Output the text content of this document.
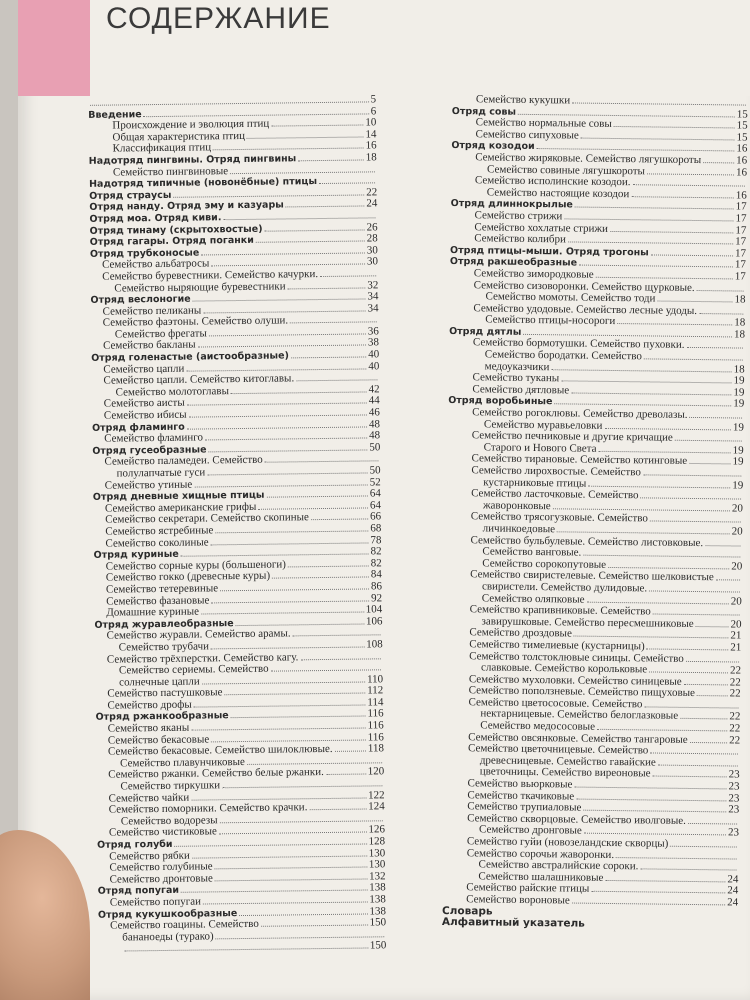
СОДЕРЖАНИЕ
5
Введение	6
Происхождение и эволюция птиц	10
Общая характеристика птиц	14
Классификация птиц	16
Надотряд пингвины. Отряд пингвины	18
Семейство пингвиновые
Надотряд типичные (новонёбные) птицы
Отряд страусы	22
Отряд нанду. Отряд эму и казуары	24
Отряд моа. Отряд киви.
Отряд тинаму (скрытохвостые)	26
Отряд гагары. Отряд поганки	28
Отряд трубконосые	30
Семейство альбатросы	30
Семейство буревестники. Семейство качурки.
Семейство ныряющие буревестники	32
Отряд веслоногие	34
Семейство пеликаны	34
Семейство фаэтоны. Семейство олуши.
Семейство фрегаты	36
Семейство бакланы	38
Отряд голенастые (аистообразные)	40
Семейство цапли	40
Семейство цапли. Семейство китоглавы.
Семейство молотоглавы	42
Семейство аисты	44
Семейство ибисы	46
Отряд фламинго	48
Семейство фламинго	48
Отряд гусеобразные	50
Семейство паламедеи. Семейство
полулапчатые гуси	50
Семейство утиные	52
Отряд дневные хищные птицы	64
Семейство американские грифы	64
Семейство секретари. Семейство скопиные	66
Семейство ястребиные	68
Семейство соколиные	78
Отряд куриные	82
Семейство сорные куры (большеноги)	82
Семейство гокко (древесные куры)	84
Семейство тетеревиные	86
Семейство фазановые	92
Домашние куриные	104
Отряд журавлеобразные	106
Семейство журавли. Семейство арамы.
Семейство трубачи	108
Семейство трёхперстки. Семейство кагу.
Семейство сериемы. Семейство
солнечные цапли	110
Семейство пастушковые	112
Семейство дрофы	114
Отряд ржанкообразные	116
Семейство яканы	116
Семейство бекасовые	116
Семейство бекасовые. Семейство шилоклювые.	118
Семейство плавунчиковые
Семейство ржанки. Семейство белые ржанки.	120
Семейство тиркушки
Семейство чайки	122
Семейство поморники. Семейство крачки.	124
Семейство водорезы
Семейство чистиковые	126
Отряд голуби	128
Семейство рябки	130
Семейство голубиные	130
Семейство дронтовые	132
Отряд попугаи	138
Семейство попугаи	138
Отряд кукушкообразные	138
Семейство гоацины. Семейство	150
бананоеды (турако)
150
Семейство кукушки
Отряд совы	15
Семейство нормальные совы	15
Семейство сипуховые	15
Отряд козодои	16
Семейство жиряковые. Семейство лягушкороты	16
Семейство совиные лягушкороты	16
Семейство исполинские козодои.
Семейство настоящие козодои	16
Отряд длиннокрылые	17
Семейство стрижи	17
Семейство хохлатые стрижи	17
Семейство колибри	17
Отряд птицы-мыши. Отряд трогоны	17
Отряд ракшеобразные	17
Семейство зимородковые	17
Семейство сизоворонки. Семейство щурковые.
Семейство момоты. Семейство тоди	18
Семейство удодовые. Семейство лесные удоды.
Семейство птицы-носороги	18
Отряд дятлы	18
Семейство бормотушки. Семейство пуховки.
Семейство бородатки. Семейство
медоуказчики	18
Семейство туканы	19
Семейство дятловые	19
Отряд воробьиные	19
Семейство рогоклювы. Семейство древолазы.
Семейство муравьеловки	19
Семейство печниковые и другие кричащие
Старого и Нового Света	19
Семейство тирановые. Семейство котинговые	19
Семейство лирохвостые. Семейство
кустарниковые птицы	19
Семейство ласточковые. Семейство
жаворонковые	20
Семейство трясогузковые. Семейство
личинкоедовые	20
Семейство бульбулевые. Семейство листовковые.
Семейство ванговые.
Семейство сорокопутовые	20
Семейство свиристелевые. Семейство шелковистые
свиристели. Семейство дулидовые.
Семейство оляпковые	20
Семейство крапивниковые. Семейство
завирушковые. Семейство пересмешниковые	20
Семейство дроздовые	21
Семейство тимелиевые (кустарницы)	21
Семейство толстоклювые синицы. Семейство
славковые. Семейство корольковые	22
Семейство мухоловки. Семейство синицевые	22
Семейство поползневые. Семейство пищуховые	22
Семейство цветососовые. Семейство
нектарницевые. Семейство белоглазковые	22
Семейство медососовые	22
Семейство овсянковые. Семейство тангаровые	22
Семейство цветочницевые. Семейство
древесницевые. Семейство гавайские
цветочницы. Семейство виреоновые	23
Семейство вьюрковые	23
Семейство ткачиковые	23
Семейство трупиаловые	23
Семейство скворцовые. Семейство иволговые.
Семейство дронговые	23
Семейство гуйи (новозеландские скворцы)
Семейство сорочьи жаворонки.
Семейство австралийские сороки.
Семейство шалашниковые	24
Семейство райские птицы	24
Семейство вороновые	24
Словарь
Алфавитный указатель
